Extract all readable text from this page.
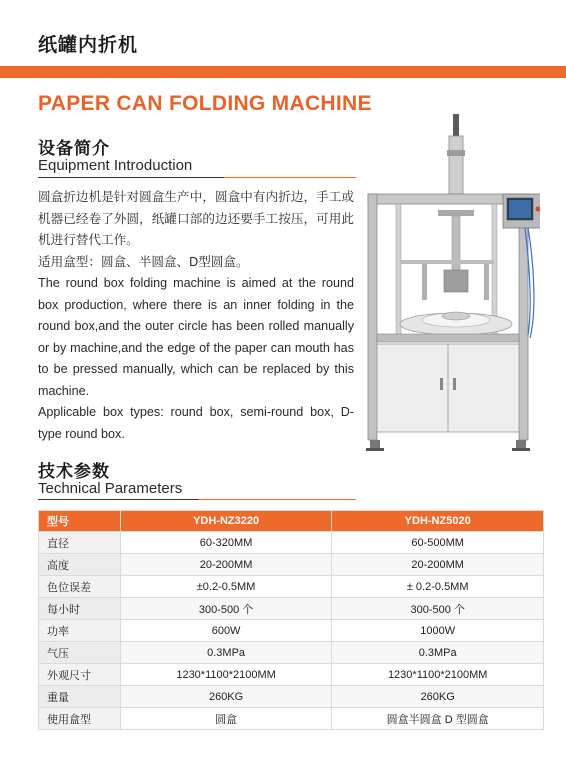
纸罐内折机
PAPER CAN FOLDING MACHINE
设备简介
Equipment Introduction

圆盒折边机是针对圆盒生产中，圆盒中有内折边，手工或机器已经卷了外圆，纸罐口部的边还要手工按压，可用此机进行替代工作。

适用盒型：圆盒、半圆盒、D型圆盒。

The round box folding machine is aimed at the round box production, where there is an inner folding in the round box,and the outer circle has been rolled manually or by machine,and the edge of the paper can mouth has to be pressed manually, which can be replaced by this machine.

Applicable box types: round box, semi-round box, D-type round box.

技术参数
Technical Parameters
型号	YDH-NZ3220	YDH-NZ5020
直径	60-320MM	60-500MM
高度	20-200MM	20-200MM
色位误差	±0.2-0.5MM	± 0.2-0.5MM
每小时	300-500 个	300-500 个
功率	600W	1000W
气压	0.3MPa	0.3MPa
外观尺寸	1230*1100*2100MM	1230*1100*2100MM
重量	260KG	260KG
使用盒型	圆盒	圆盒半圆盒 D 型圆盒
